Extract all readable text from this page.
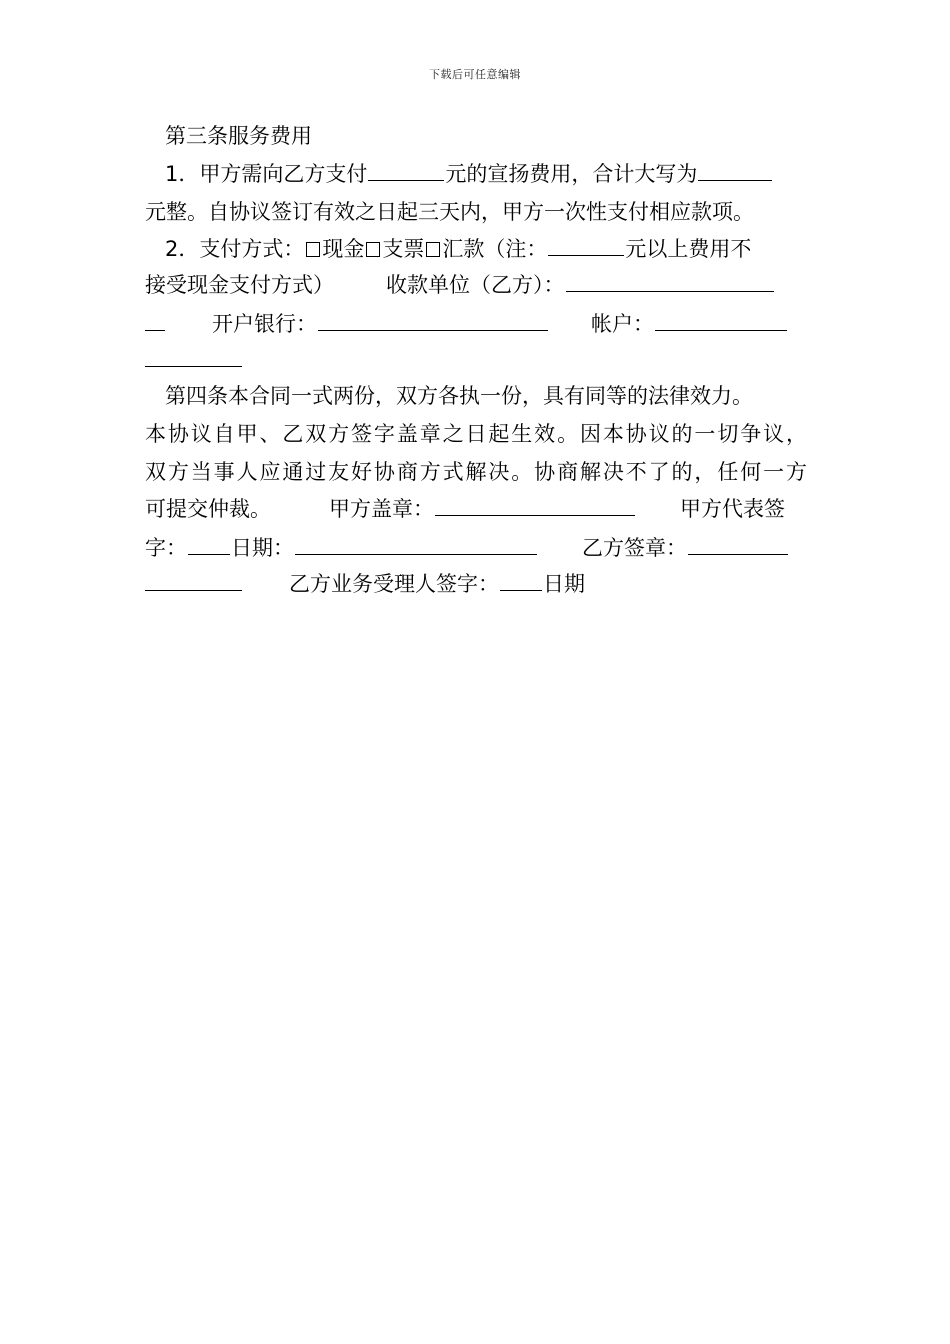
下载后可任意编辑
第三条服务费用
1．甲方需向乙方支付	元的宣扬费用，合计大写为
元整。自协议签订有效之日起三天内，甲方一次性支付相应款项。
2．支付方式： 现金 支票 汇款（注：	元以上费用不
接受现金支付方式） 收款单位（乙方）：
开户银行：	帐户：
第四条本合同一式两份，双方各执一份，具有同等的法律效力。
本协议自甲、乙双方签字盖章之日起生效。因本协议的一切争议，
双方当事人应通过友好协商方式解决。协商解决不了的，任何一方
可提交仲裁。	甲方盖章：	甲方代表签
字： 日期：	乙方签章：
乙方业务受理人签字： 日期
